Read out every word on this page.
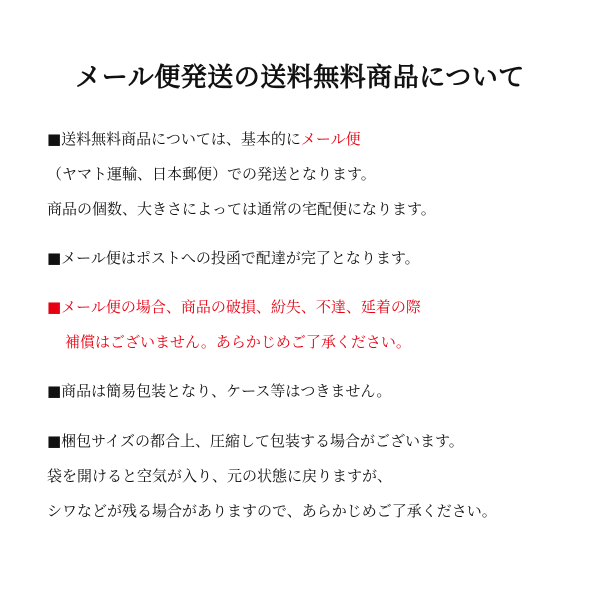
メール便発送の送料無料商品について
■送料無料商品については、基本的にメール便
（ヤマト運輸、日本郵便）での発送となります。
商品の個数、大きさによっては通常の宅配便になります。
■メール便はポストへの投函で配達が完了となります。
■メール便の場合、商品の破損、紛失、不達、延着の際
補償はございません。あらかじめご了承ください。
■商品は簡易包装となり、ケース等はつきません。
■梱包サイズの都合上、圧縮して包装する場合がございます。
袋を開けると空気が入り、元の状態に戻りますが、
シワなどが残る場合がありますので、あらかじめご了承ください。
